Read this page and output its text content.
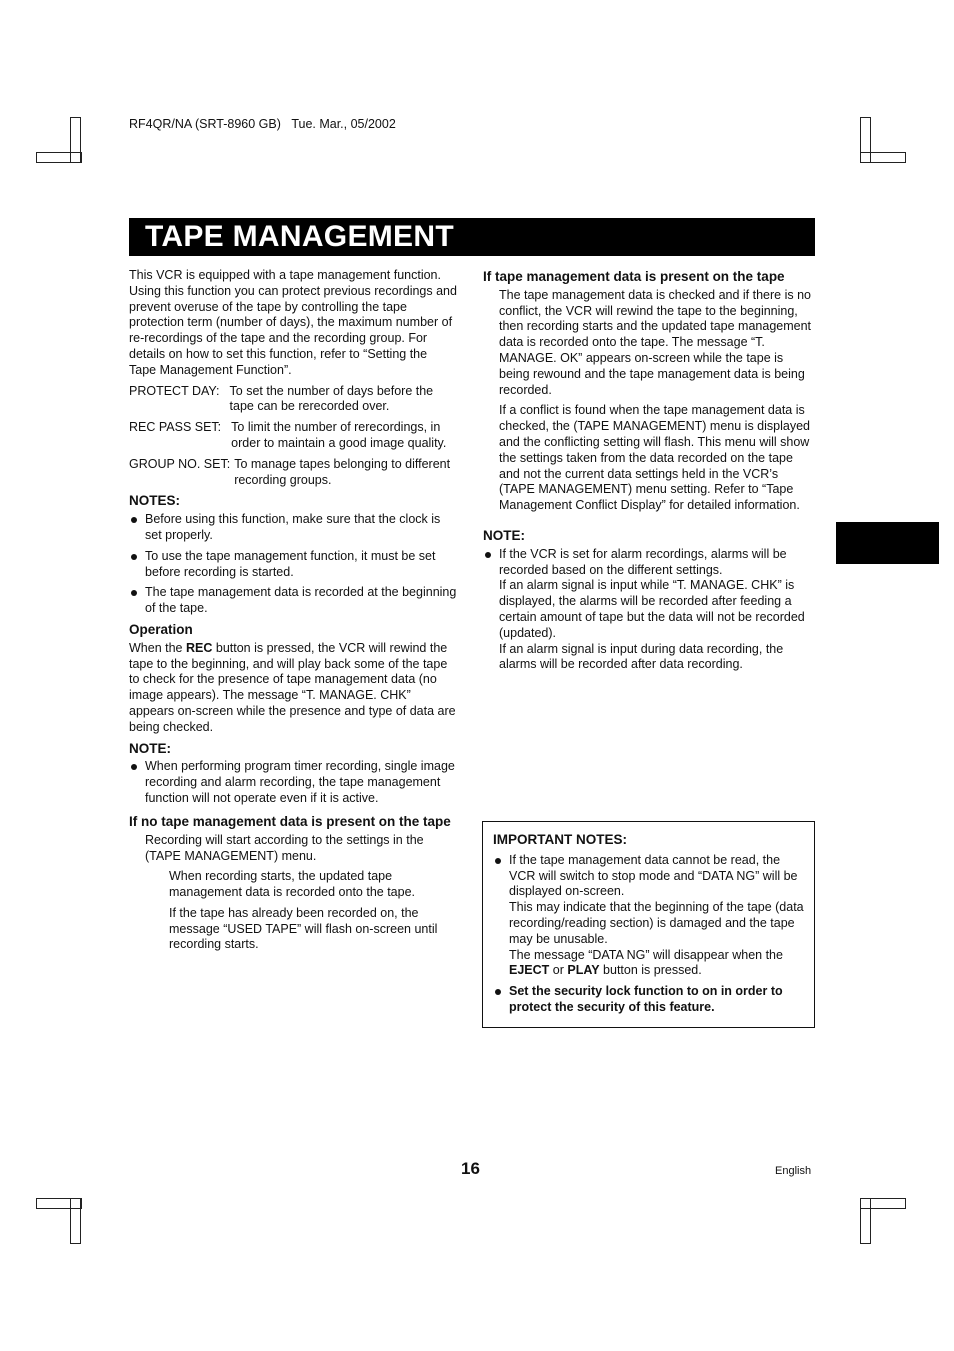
RF4QR/NA (SRT-8960 GB) Tue. Mar., 05/2002
TAPE MANAGEMENT

This VCR is equipped with a tape management function. Using this function you can protect previous recordings and prevent overuse of the tape by controlling the tape protection term (number of days), the maximum number of re-recordings of the tape and the recording group. For details on how to set this function, refer to “Setting the Tape Management Function”.

PROTECT DAY: To set the number of days before the tape can be rerecorded over.
REC PASS SET: To limit the number of rerecordings, in order to maintain a good image quality.
GROUP NO. SET: To manage tapes belonging to different recording groups.
NOTES:
Before using this function, make sure that the clock is set properly.
To use the tape management function, it must be set before recording is started.
The tape management data is recorded at the beginning of the tape.
Operation

When the REC button is pressed, the VCR will rewind the tape to the beginning, and will play back some of the tape to check for the presence of tape management data (no image appears). The message “T. MANAGE. CHK” appears on-screen while the presence and type of data are being checked.

NOTE:
When performing program timer recording, single image recording and alarm recording, the tape management function will not operate even if it is active.
If no tape management data is present on the tape

Recording will start according to the settings in the (TAPE MANAGEMENT) menu.

When recording starts, the updated tape management data is recorded onto the tape.

If the tape has already been recorded on, the message “USED TAPE” will flash on-screen until recording starts.

If tape management data is present on the tape

The tape management data is checked and if there is no conflict, the VCR will rewind the tape to the beginning, then recording starts and the updated tape management data is recorded onto the tape. The message “T. MANAGE. OK” appears on-screen while the tape is being rewound and the tape management data is being recorded.

If a conflict is found when the tape management data is checked, the (TAPE MANAGEMENT) menu is displayed and the conflicting setting will flash. This menu will show the settings taken from the data recorded on the tape and not the current data settings held in the VCR’s (TAPE MANAGEMENT) menu setting. Refer to “Tape Management Conflict Display” for detailed information.

NOTE:
If the VCR is set for alarm recordings, alarms will be recorded based on the different settings.
If an alarm signal is input while “T. MANAGE. CHK” is displayed, the alarms will be recorded after feeding a certain amount of tape but the data will not be recorded (updated).
If an alarm signal is input during data recording, the alarms will be recorded after data recording.
IMPORTANT NOTES:
If the tape management data cannot be read, the VCR will switch to stop mode and “DATA NG” will be displayed on-screen.
This may indicate that the beginning of the tape (data recording/reading section) is damaged and the tape may be unusable.
The message “DATA NG” will disappear when the EJECT or PLAY button is pressed.
Set the security lock function to on in order to protect the security of this feature.
16	English
